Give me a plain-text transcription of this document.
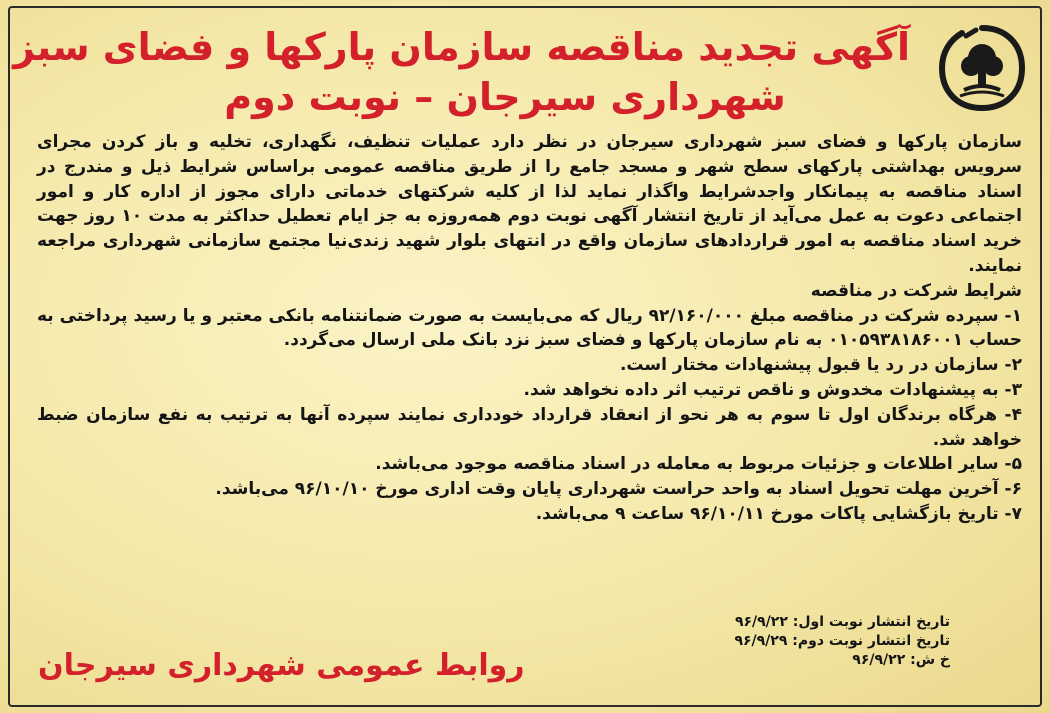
آگهی تجدید مناقصه سازمان پارکها و فضای سبز
شهرداری سیرجان – نوبت دوم

سازمان پارکها و فضای سبز شهرداری سیرجان در نظر دارد عملیات تنظیف، نگهداری، تخلیه و باز کردن مجرای سرویس بهداشتی پارکهای سطح شهر و مسجد جامع را از طریق مناقصه عمومی براساس شرایط ذیل و مندرج در اسناد مناقصه به پیمانکار واجدشرایط واگذار نماید لذا از کلیه شرکتهای خدماتی دارای مجوز از اداره کار و امور اجتماعی دعوت به عمل می‌آید از تاریخ انتشار آگهی نوبت دوم همه‌روزه به جز ایام تعطیل حداکثر به مدت ۱۰ روز جهت خرید اسناد مناقصه به امور قراردادهای سازمان واقع در انتهای بلوار شهید زندی‌نیا مجتمع سازمانی شهرداری مراجعه نمایند.

شرایط شرکت در مناقصه

۱- سپرده شرکت در مناقصه مبلغ ۹۲/۱۶۰/۰۰۰ ریال که می‌بایست به صورت ضمانتنامه بانکی معتبر و یا رسید پرداختی به حساب ۰۱۰۵۹۳۸۱۸۶۰۰۱ به نام سازمان پارکها و فضای سبز نزد بانک ملی ارسال می‌گردد.

۲- سازمان در رد یا قبول پیشنهادات مختار است.

۳- به پیشنهادات مخدوش و ناقص ترتیب اثر داده نخواهد شد.

۴- هرگاه برندگان اول تا سوم به هر نحو از انعقاد قرارداد خودداری نمایند سپرده آنها به ترتیب به نفع سازمان ضبط خواهد شد.

۵- سایر اطلاعات و جزئیات مربوط به معامله در اسناد مناقصه موجود می‌باشد.

۶- آخرین مهلت تحویل اسناد به واحد حراست شهرداری پایان وقت اداری مورخ ۹۶/۱۰/۱۰ می‌باشد.

۷- تاریخ بازگشایی پاکات مورخ ۹۶/۱۰/۱۱ ساعت ۹ می‌باشد.

تاریخ انتشار نوبت اول: ۹۶/۹/۲۲
تاریخ انتشار نوبت دوم: ۹۶/۹/۲۹
خ ش: ۹۶/۹/۲۲
روابط عمومی شهرداری سیرجان
